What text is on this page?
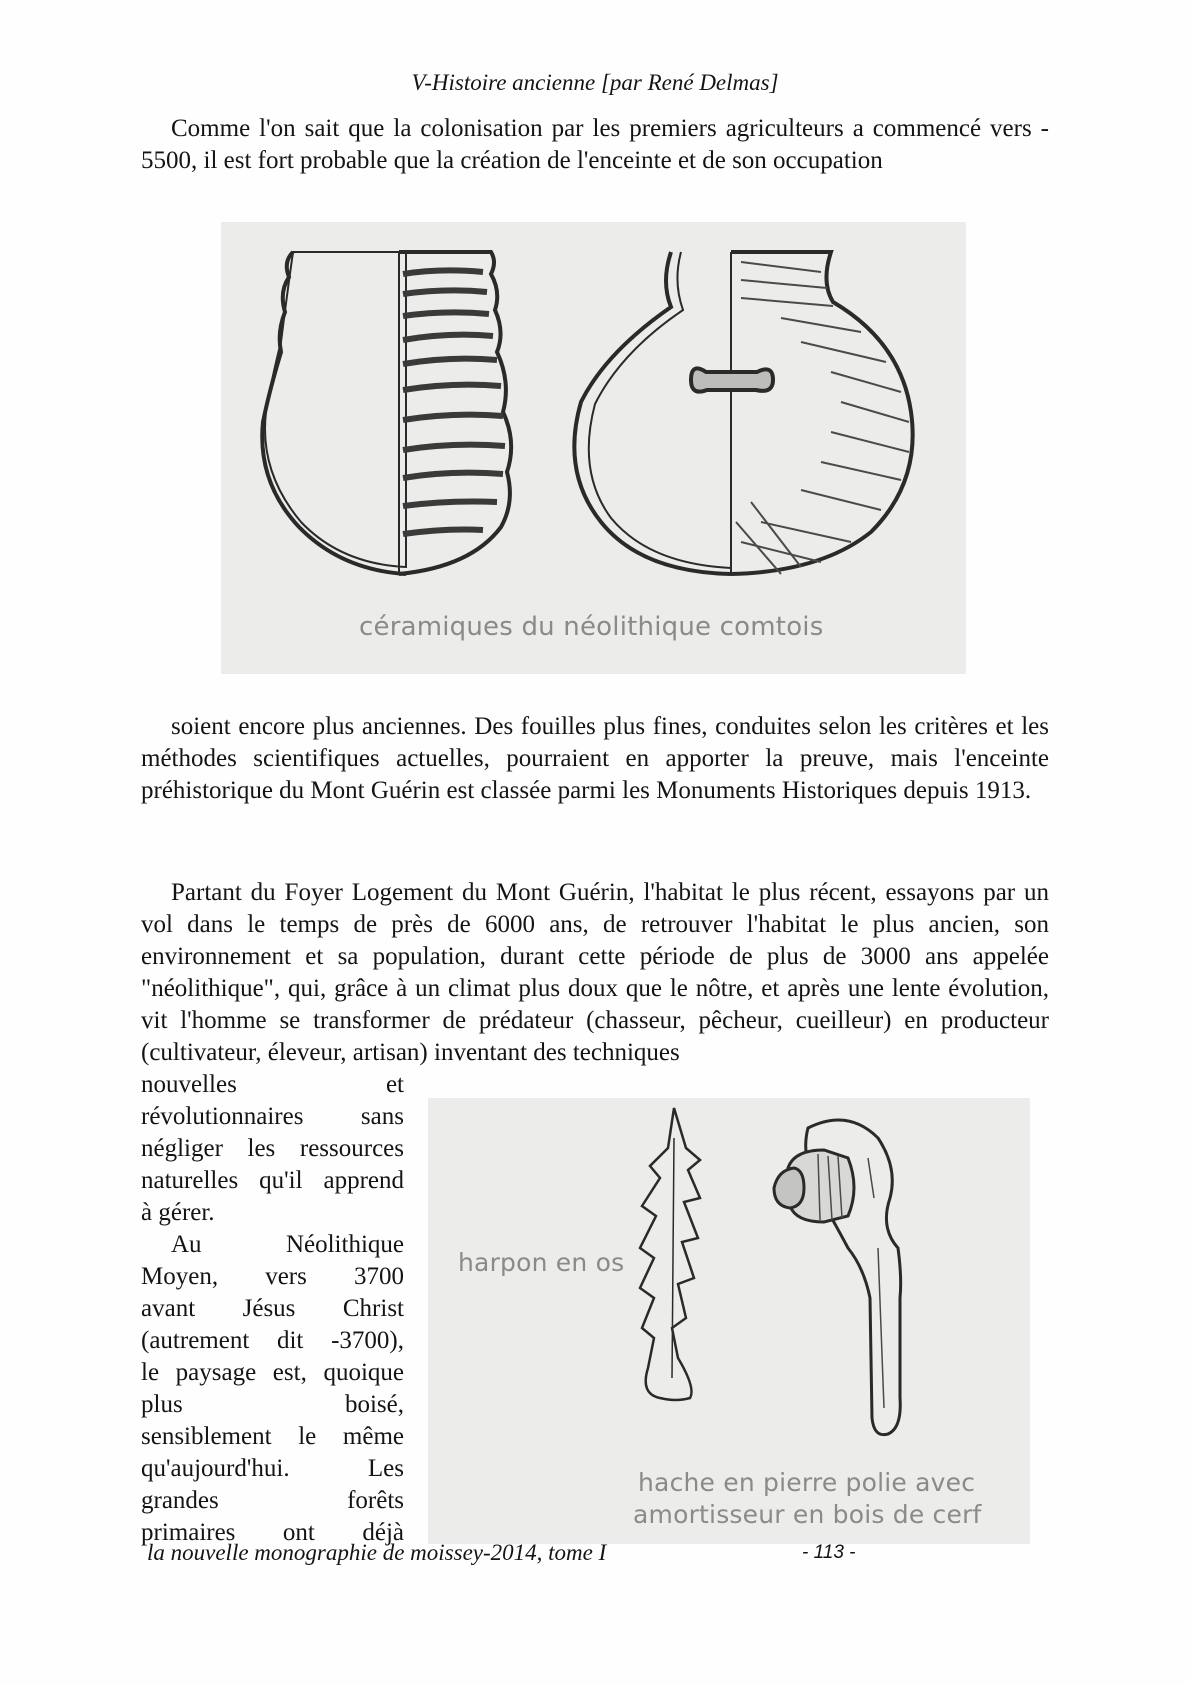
V-Histoire ancienne [par René Delmas]

Comme l'on sait que la colonisation par les premiers agriculteurs a commencé vers - 5500, il est fort probable que la création de l'enceinte et de son occupation

céramiques du néolithique comtois

soient encore plus anciennes. Des fouilles plus fines, conduites selon les critères et les méthodes scientifiques actuelles, pourraient en apporter la preuve, mais l'enceinte préhistorique du Mont Guérin est classée parmi les Monuments Historiques depuis 1913.

Partant du Foyer Logement du Mont Guérin, l'habitat le plus récent, essayons par un vol dans le temps de près de 6000 ans, de retrouver l'habitat le plus ancien, son environnement et sa population, durant cette période de plus de 3000 ans appelée "néolithique", qui, grâce à un climat plus doux que le nôtre, et après une lente évolution, vit l'homme se transformer de prédateur (chasseur, pêcheur, cueilleur) en producteur (cultivateur, éleveur, artisan) inventant des techniques

nouvelles et

révolutionnaires sans

négliger les ressources

naturelles qu'il apprend

à gérer.

Au Néolithique

Moyen, vers 3700

avant Jésus Christ

(autrement dit -3700),

le paysage est, quoique

plus boisé,

sensiblement le même

qu'aujourd'hui. Les

grandes forêts

primaires ont déjà

harpon en os
hache en pierre polie avec
amortisseur en bois de cerf
la nouvelle monographie de moissey-2014, tome I	- 113 -
